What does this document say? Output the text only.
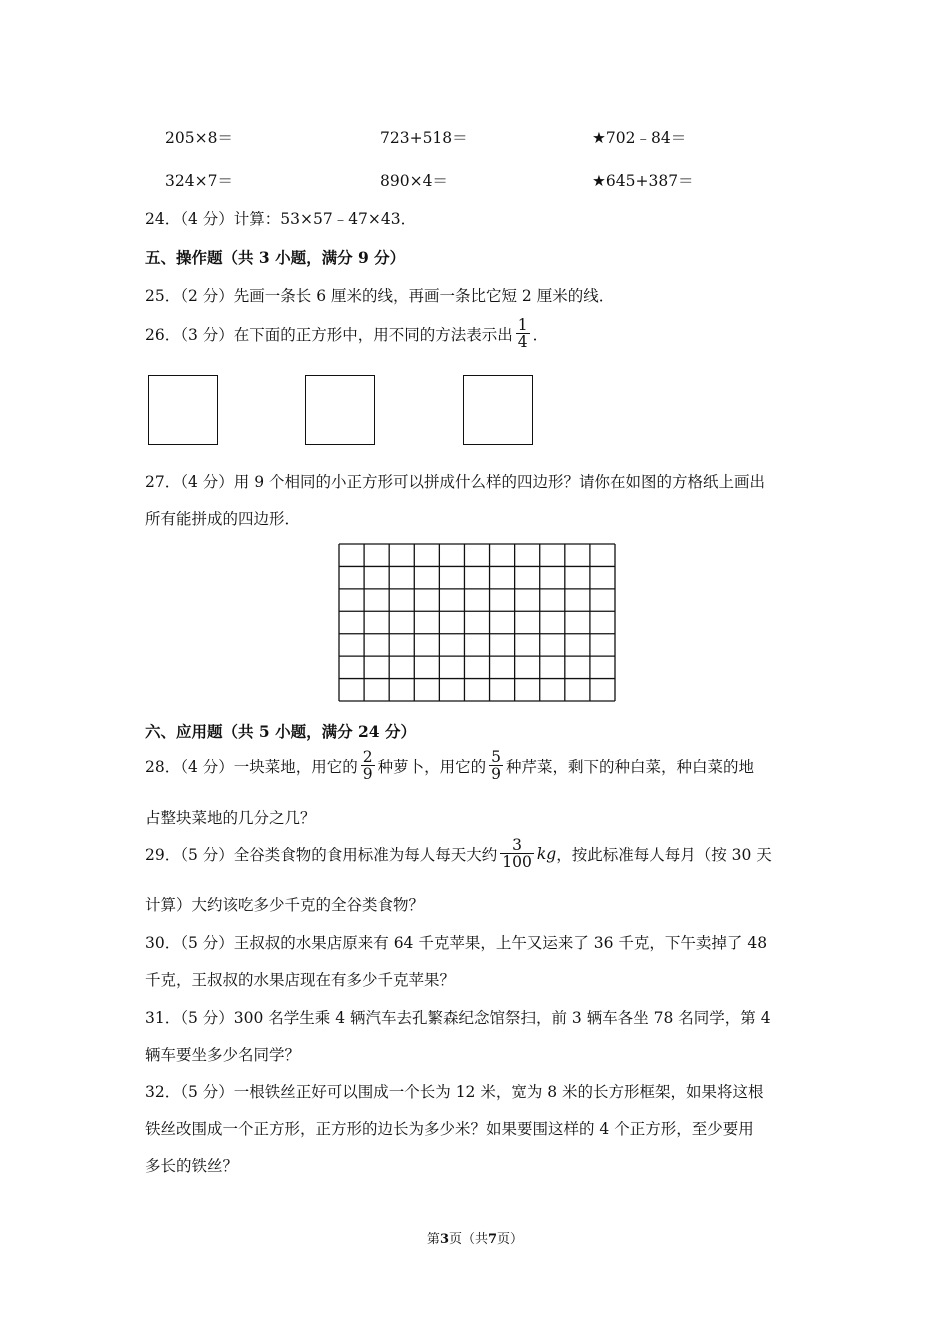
205×8＝	723+518＝	★702﹣84＝
324×7＝	890×4＝	★645+387＝
24．（4 分）计算：53×57﹣47×43．
五、操作题（共 3 小题，满分 9 分）
25．（2 分）先画一条长 6 厘米的线，再画一条比它短 2 厘米的线．
26．（3 分）在下面的正方形中，用不同的方法表示出 $\frac{1}{4}$ ．
27．（4 分）用 9 个相同的小正方形可以拼成什么样的四边形？请你在如图的方格纸上画出
所有能拼成的四边形．
六、应用题（共 5 小题，满分 24 分）
28．（4 分）一块菜地，用它的 $\frac{2}{9}$ 种萝卜，用它的 $\frac{5}{9}$ 种芹菜，剩下的种白菜，种白菜的地
占整块菜地的几分之几？
29．（5 分）全谷类食物的食用标准为每人每天大约 $\frac{3}{100}$ kg，按此标准每人每月（按 30 天
计算）大约该吃多少千克的全谷类食物？
30．（5 分）王叔叔的水果店原来有 64 千克苹果，上午又运来了 36 千克，下午卖掉了 48
千克，王叔叔的水果店现在有多少千克苹果？
31．（5 分）300 名学生乘 4 辆汽车去孔繁森纪念馆祭扫，前 3 辆车各坐 78 名同学，第 4
辆车要坐多少名同学？
32．（5 分）一根铁丝正好可以围成一个长为 12 米，宽为 8 米的长方形框架，如果将这根
铁丝改围成一个正方形，正方形的边长为多少米？如果要围这样的 4 个正方形，至少要用
多长的铁丝？
第3页（共7页）
